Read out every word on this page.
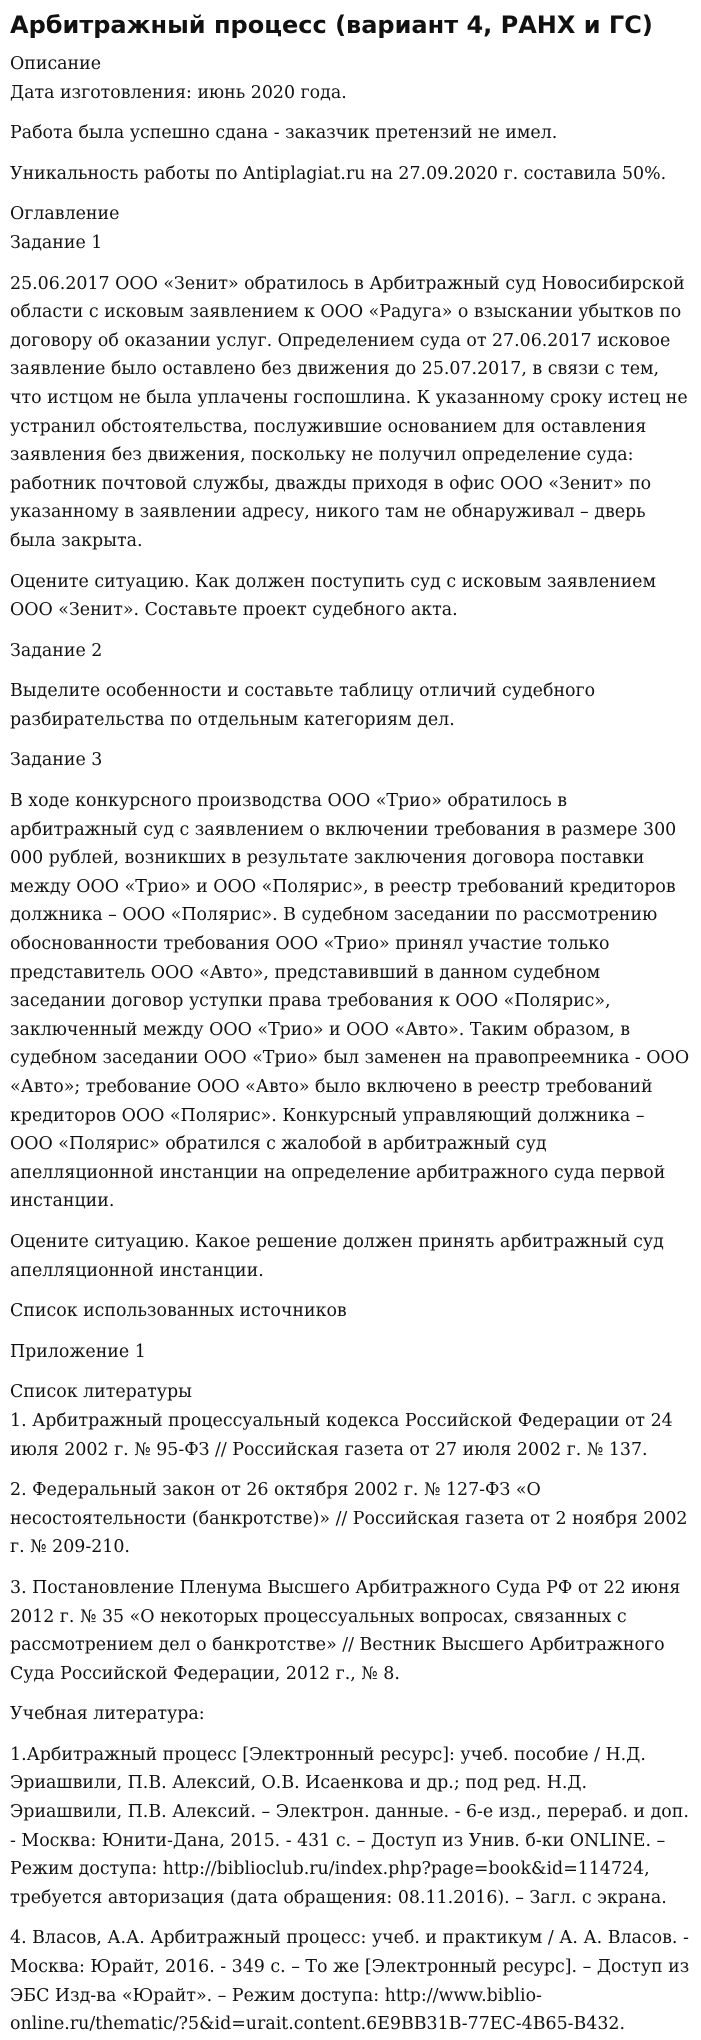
Арбитражный процесс (вариант 4, РАНХ и ГС)
Описание
Дата изготовления: июнь 2020 года.

Работа была успешно сдана - заказчик претензий не имел.

Уникальность работы по Antiplagiat.ru на 27.09.2020 г. составила 50%.

Оглавление
Задание 1

25.06.2017 ООО «Зенит» обратилось в Арбитражный суд Новосибирской области с исковым заявлением к ООО «Радуга» о взыскании убытков по договору об оказании услуг. Определением суда от 27.06.2017 исковое заявление было оставлено без движения до 25.07.2017, в связи с тем, что истцом не была уплачены госпошлина. К указанному сроку истец не устранил обстоятельства, послужившие основанием для оставления заявления без движения, поскольку не получил определение суда: работник почтовой службы, дважды приходя в офис ООО «Зенит» по указанному в заявлении адресу, никого там не обнаруживал – дверь была закрыта.

Оцените ситуацию. Как должен поступить суд с исковым заявлением ООО «Зенит». Составьте проект судебного акта.

Задание 2

Выделите особенности и составьте таблицу отличий судебного разбирательства по отдельным категориям дел.

Задание 3

В ходе конкурсного производства ООО «Трио» обратилось в арбитражный суд с заявлением о включении требования в размере 300 000 рублей, возникших в результате заключения договора поставки между ООО «Трио» и ООО «Полярис», в реестр требований кредиторов должника – ООО «Полярис». В судебном заседании по рассмотрению обоснованности требования ООО «Трио» принял участие только представитель ООО «Авто», представивший в данном судебном заседании договор уступки права требования к ООО «Полярис», заключенный между ООО «Трио» и ООО «Авто». Таким образом, в судебном заседании ООО «Трио» был заменен на правопреемника - ООО «Авто»; требование ООО «Авто» было включено в реестр требований кредиторов ООО «Полярис». Конкурсный управляющий должника – ООО «Полярис» обратился с жалобой в арбитражный суд апелляционной инстанции на определение арбитражного суда первой инстанции.

Оцените ситуацию. Какое решение должен принять арбитражный суд апелляционной инстанции.

Список использованных источников

Приложение 1

Список литературы
1. Арбитражный процессуальный кодекса Российской Федерации от 24 июля 2002 г. № 95-ФЗ // Российская газета от 27 июля 2002 г. № 137.

2. Федеральный закон от 26 октября 2002 г. № 127-ФЗ «О несостоятельности (банкротстве)» // Российская газета от 2 ноября 2002 г. № 209-210.

3. Постановление Пленума Высшего Арбитражного Суда РФ от 22 июня 2012 г. № 35 «О некоторых процессуальных вопросах, связанных с рассмотрением дел о банкротстве» // Вестник Высшего Арбитражного Суда Российской Федерации, 2012 г., № 8.

Учебная литература:

1.Арбитражный процесс [Электронный ресурс]: учеб. пособие / Н.Д. Эриашвили, П.В. Алексий, О.В. Исаенкова и др.; под ред. Н.Д. Эриашвили, П.В. Алексий. – Электрон. данные. - 6-е изд., перераб. и доп. - Москва: Юнити-Дана, 2015. - 431 с. – Доступ из Унив. б-ки ONLINE. – Режим доступа: http://biblioclub.ru/index.php?page=book&id=114724, требуется авторизация (дата обращения: 08.11.2016). – Загл. с экрана.

4. Власов, А.А. Арбитражный процесс: учеб. и практикум / А. А. Власов. - Москва: Юрайт, 2016. - 349 с. – То же [Электронный ресурс]. – Доступ из ЭБС Изд-ва «Юрайт». – Режим доступа: http://www.biblio-online.ru/thematic/?5&id=urait.content.6E9BB31B-77EC-4B65-B432.
